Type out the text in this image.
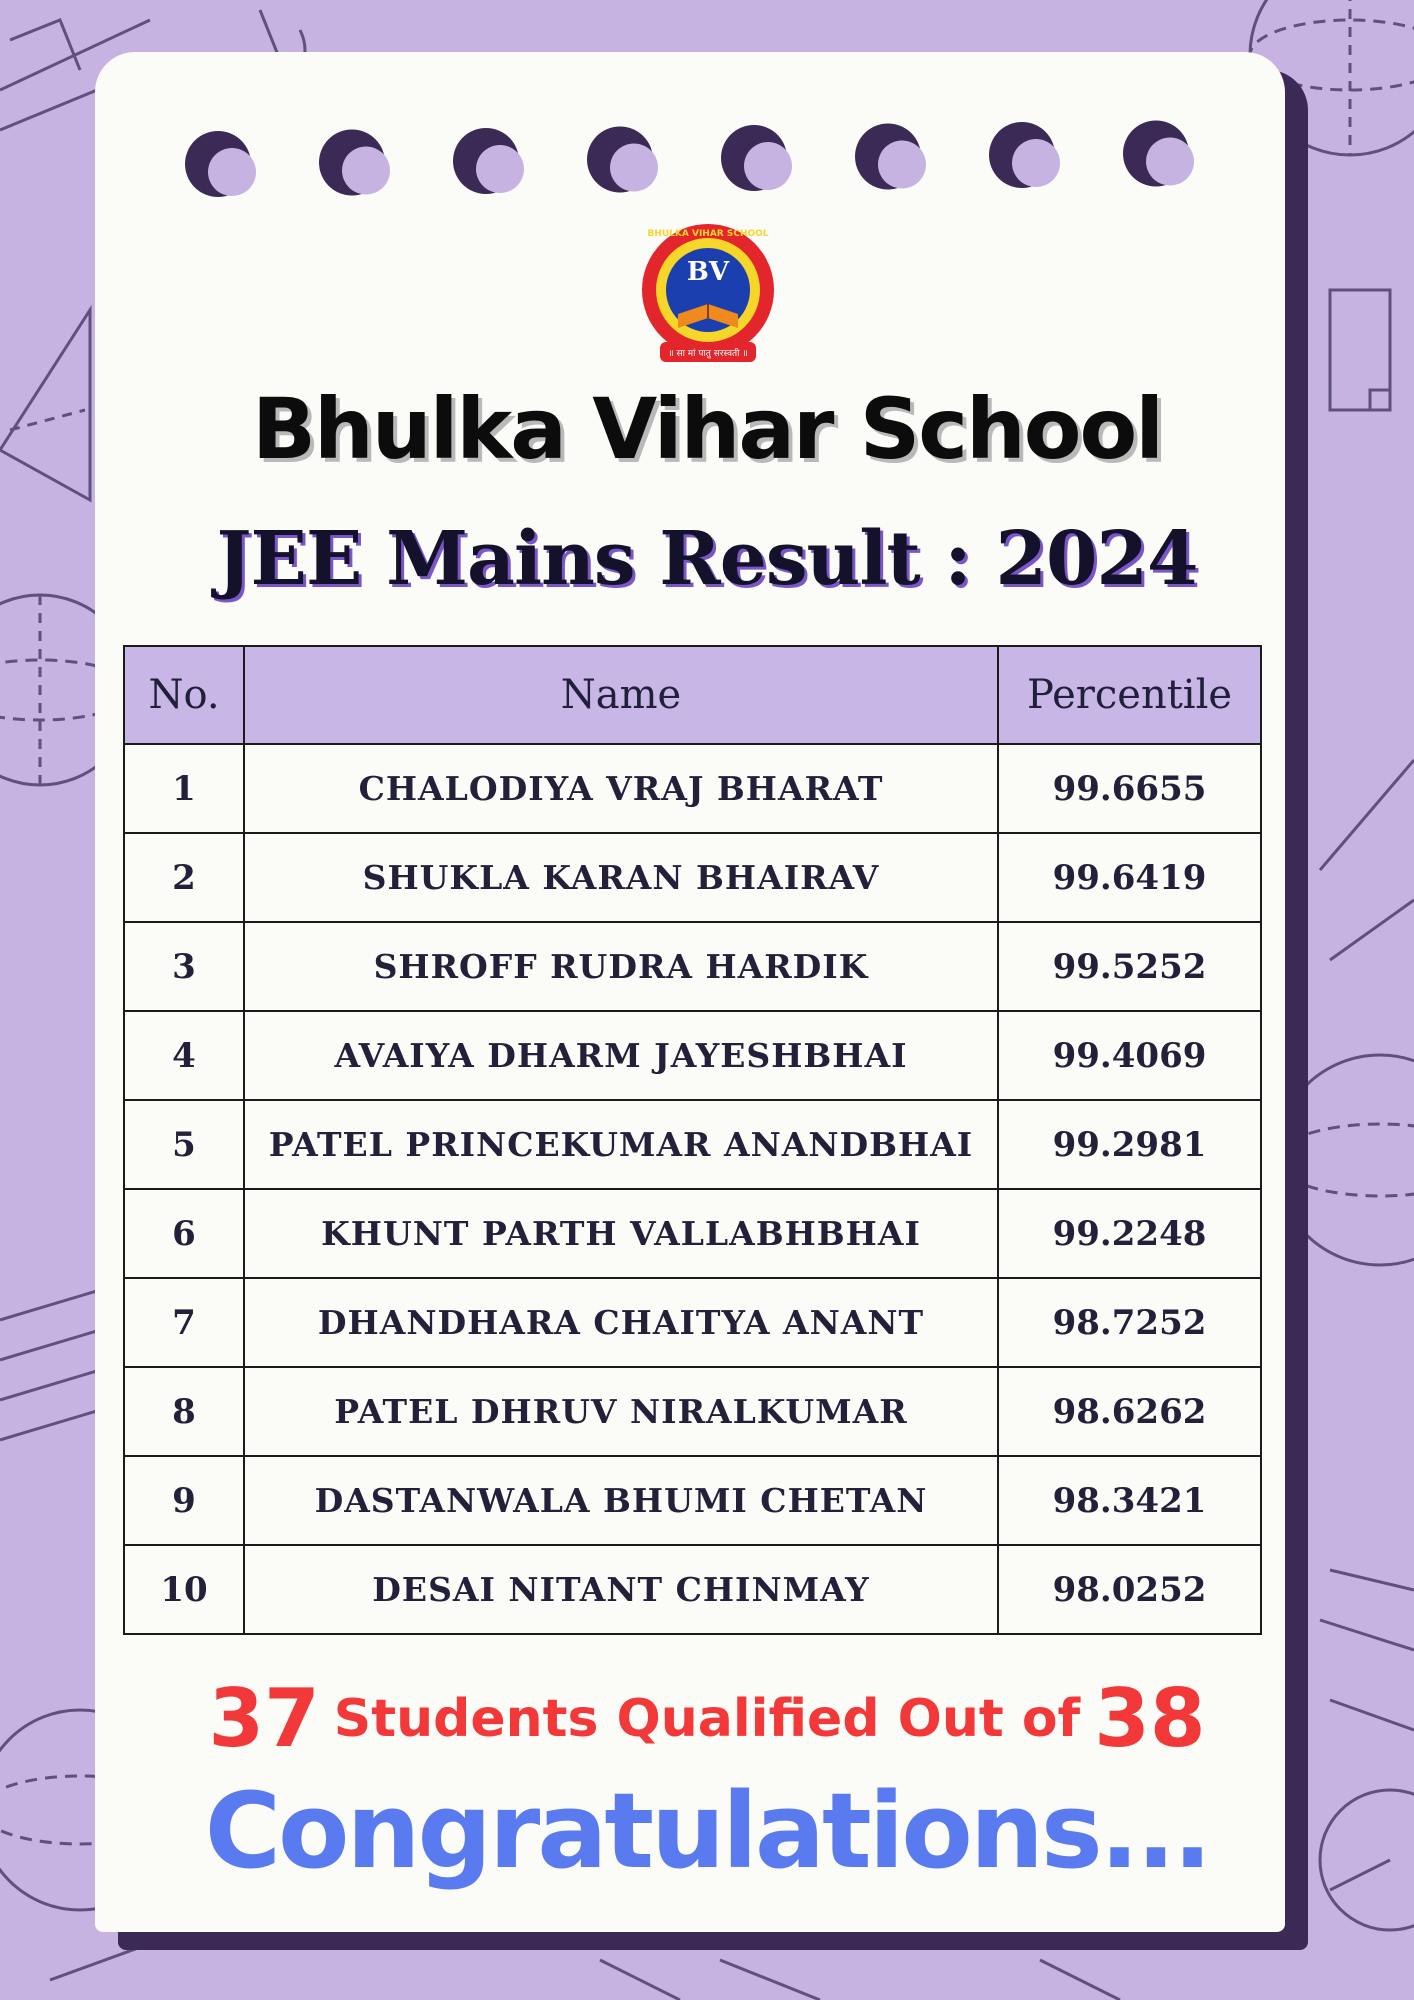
BV
॥ सा मां पातु सरस्वती ॥
BHULKA VIHAR SCHOOL
Bhulka Vihar School
JEE Mains Result : 2024
No.	Name	Percentile
1	CHALODIYA VRAJ BHARAT	99.6655
2	SHUKLA KARAN BHAIRAV	99.6419
3	SHROFF RUDRA HARDIK	99.5252
4	AVAIYA DHARM JAYESHBHAI	99.4069
5	PATEL PRINCEKUMAR ANANDBHAI	99.2981
6	KHUNT PARTH VALLABHBHAI	99.2248
7	DHANDHARA CHAITYA ANANT	98.7252
8	PATEL DHRUV NIRALKUMAR	98.6262
9	DASTANWALA BHUMI CHETAN	98.3421
10	DESAI NITANT CHINMAY	98.0252
37 Students Qualified Out of 38
Congratulations...
